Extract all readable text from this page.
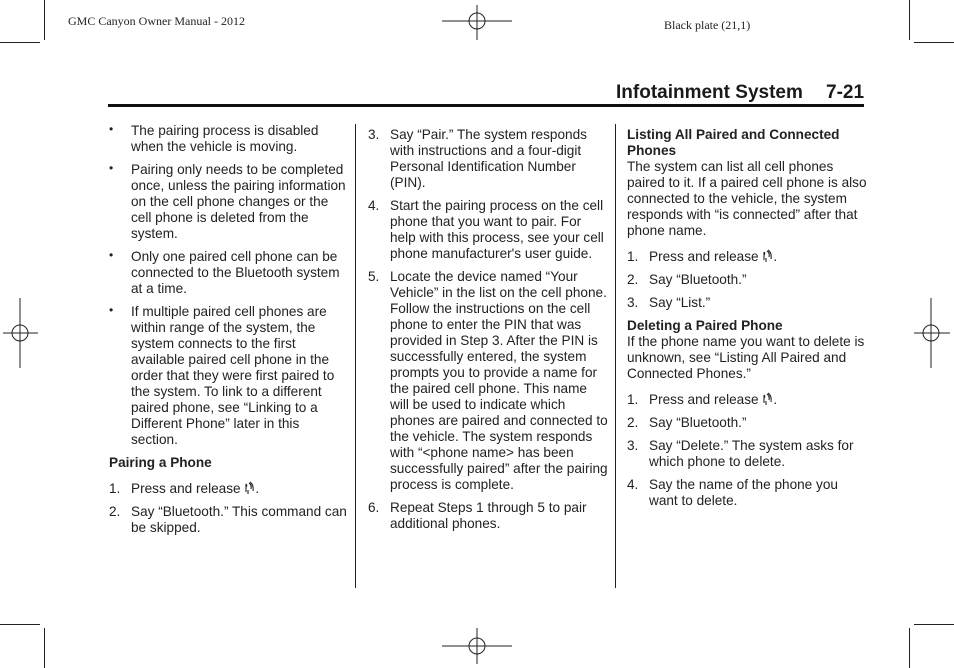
GMC Canyon Owner Manual - 2012	Black plate (21,1)
Infotainment System 7-21
• The pairing process is disabled when the vehicle is moving.

• Pairing only needs to be completed once, unless the pairing information on the cell phone changes or the cell phone is deleted from the system.

• Only one paired cell phone can be connected to the Bluetooth system at a time.

• If multiple paired cell phones are within range of the system, the system connects to the first available paired cell phone in the order that they were first paired to the system. To link to a different paired phone, see “Linking to a Different Phone” later in this section.

Pairing a Phone

1. Press and release .

2. Say “Bluetooth.” This command can be skipped.

3. Say “Pair.” The system responds with instructions and a four-digit Personal Identification Number (PIN).

4. Start the pairing process on the cell phone that you want to pair. For help with this process, see your cell phone manufacturer's user guide.

5. Locate the device named “Your Vehicle” in the list on the cell phone. Follow the instructions on the cell phone to enter the PIN that was provided in Step 3. After the PIN is successfully entered, the system prompts you to provide a name for the paired cell phone. This name will be used to indicate which phones are paired and connected to the vehicle. The system responds with “<phone name> has been successfully paired” after the pairing process is complete.

6. Repeat Steps 1 through 5 to pair additional phones.

Listing All Paired and Connected Phones

The system can list all cell phones paired to it. If a paired cell phone is also connected to the vehicle, the system responds with “is connected” after that phone name.

1. Press and release .

2. Say “Bluetooth.”

3. Say “List.”

Deleting a Paired Phone

If the phone name you want to delete is unknown, see “Listing All Paired and Connected Phones.”

1. Press and release .

2. Say “Bluetooth.”

3. Say “Delete.” The system asks for which phone to delete.

4. Say the name of the phone you want to delete.
